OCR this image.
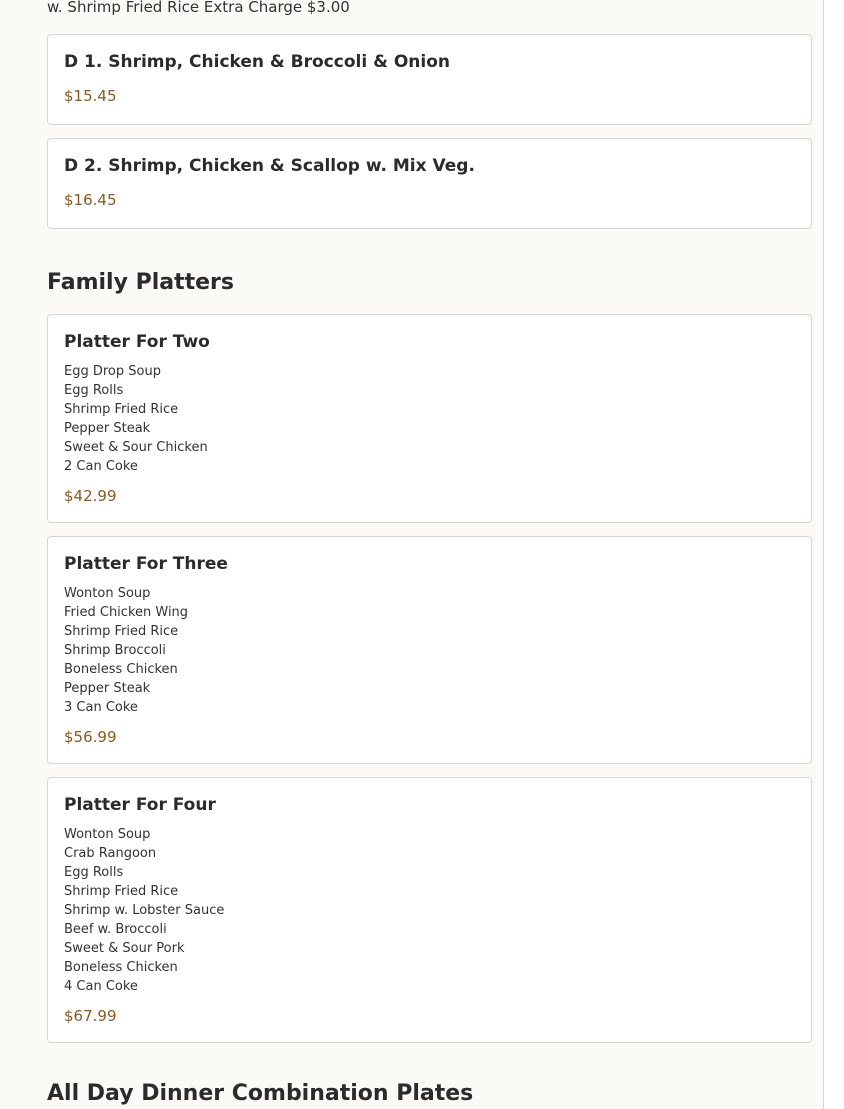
w. Shrimp Fried Rice Extra Charge $3.00
D 1. Shrimp, Chicken & Broccoli & Onion
$15.45
D 2. Shrimp, Chicken & Scallop w. Mix Veg.
$16.45
Family Platters
Platter For Two
Egg Drop Soup
Egg Rolls
Shrimp Fried Rice
Pepper Steak
Sweet & Sour Chicken
2 Can Coke
$42.99
Platter For Three
Wonton Soup
Fried Chicken Wing
Shrimp Fried Rice
Shrimp Broccoli
Boneless Chicken
Pepper Steak
3 Can Coke
$56.99
Platter For Four
Wonton Soup
Crab Rangoon
Egg Rolls
Shrimp Fried Rice
Shrimp w. Lobster Sauce
Beef w. Broccoli
Sweet & Sour Pork
Boneless Chicken
4 Can Coke
$67.99
All Day Dinner Combination Plates
